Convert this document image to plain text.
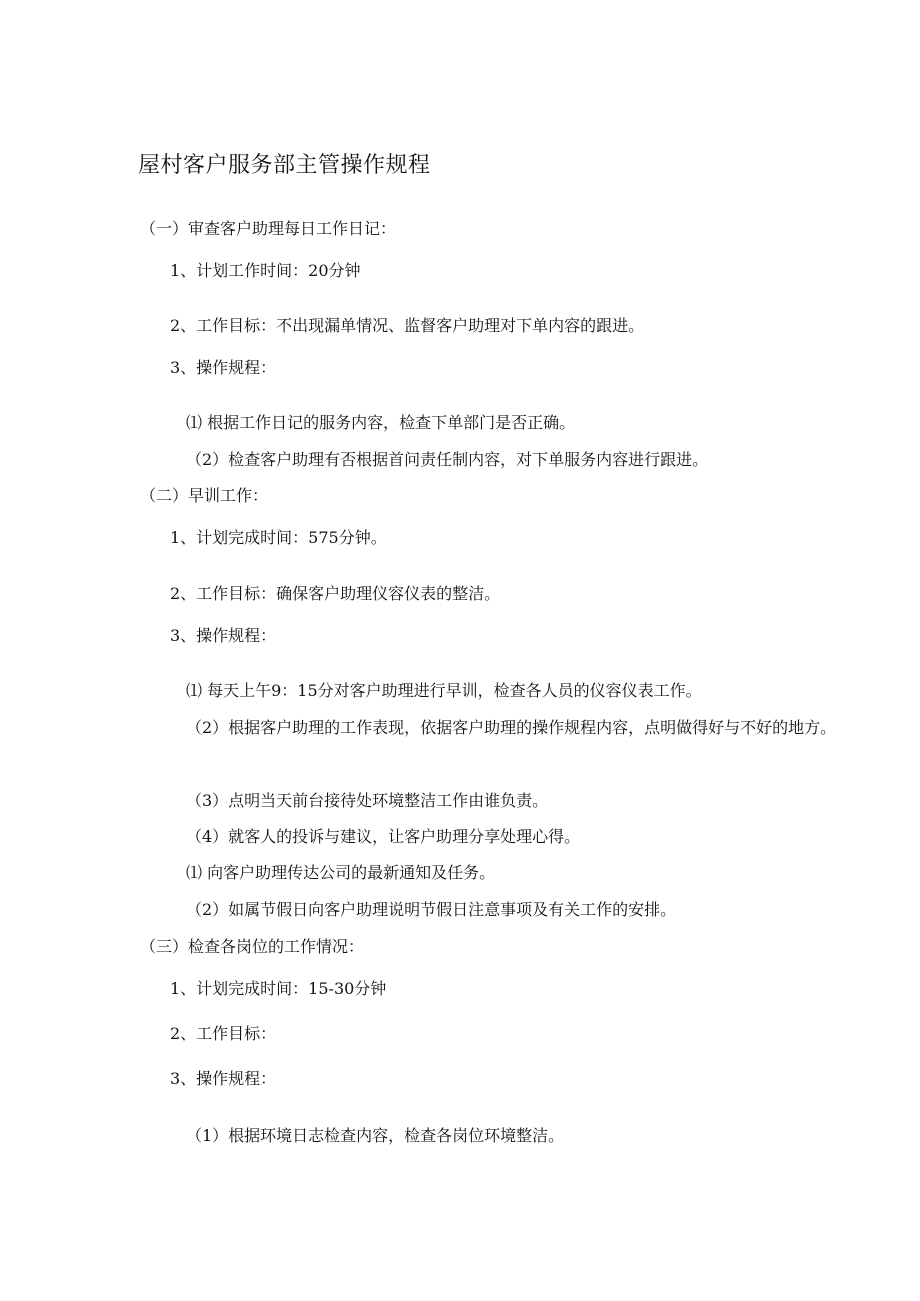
屋村客户服务部主管操作规程
（一）审查客户助理每日工作日记：
1、计划工作时间：20分钟
2、工作目标：不出现漏单情况、监督客户助理对下单内容的跟进。
3、操作规程：
⑴ 根据工作日记的服务内容，检查下单部门是否正确。
（2）检查客户助理有否根据首问责任制内容，对下单服务内容进行跟进。
（二）早训工作：
1、计划完成时间：575分钟。
2、工作目标：确保客户助理仪容仪表的整洁。
3、操作规程：
⑴ 每天上午9：15分对客户助理进行早训，检查各人员的仪容仪表工作。
（2）根据客户助理的工作表现，依据客户助理的操作规程内容，点明做得好与不好的地方。
（3）点明当天前台接待处环境整洁工作由谁负责。
（4）就客人的投诉与建议，让客户助理分享处理心得。
⑴ 向客户助理传达公司的最新通知及任务。
（2）如属节假日向客户助理说明节假日注意事项及有关工作的安排。
（三）检查各岗位的工作情况：
1、计划完成时间：15-30分钟
2、工作目标：
3、操作规程：
（1）根据环境日志检查内容，检查各岗位环境整洁。
